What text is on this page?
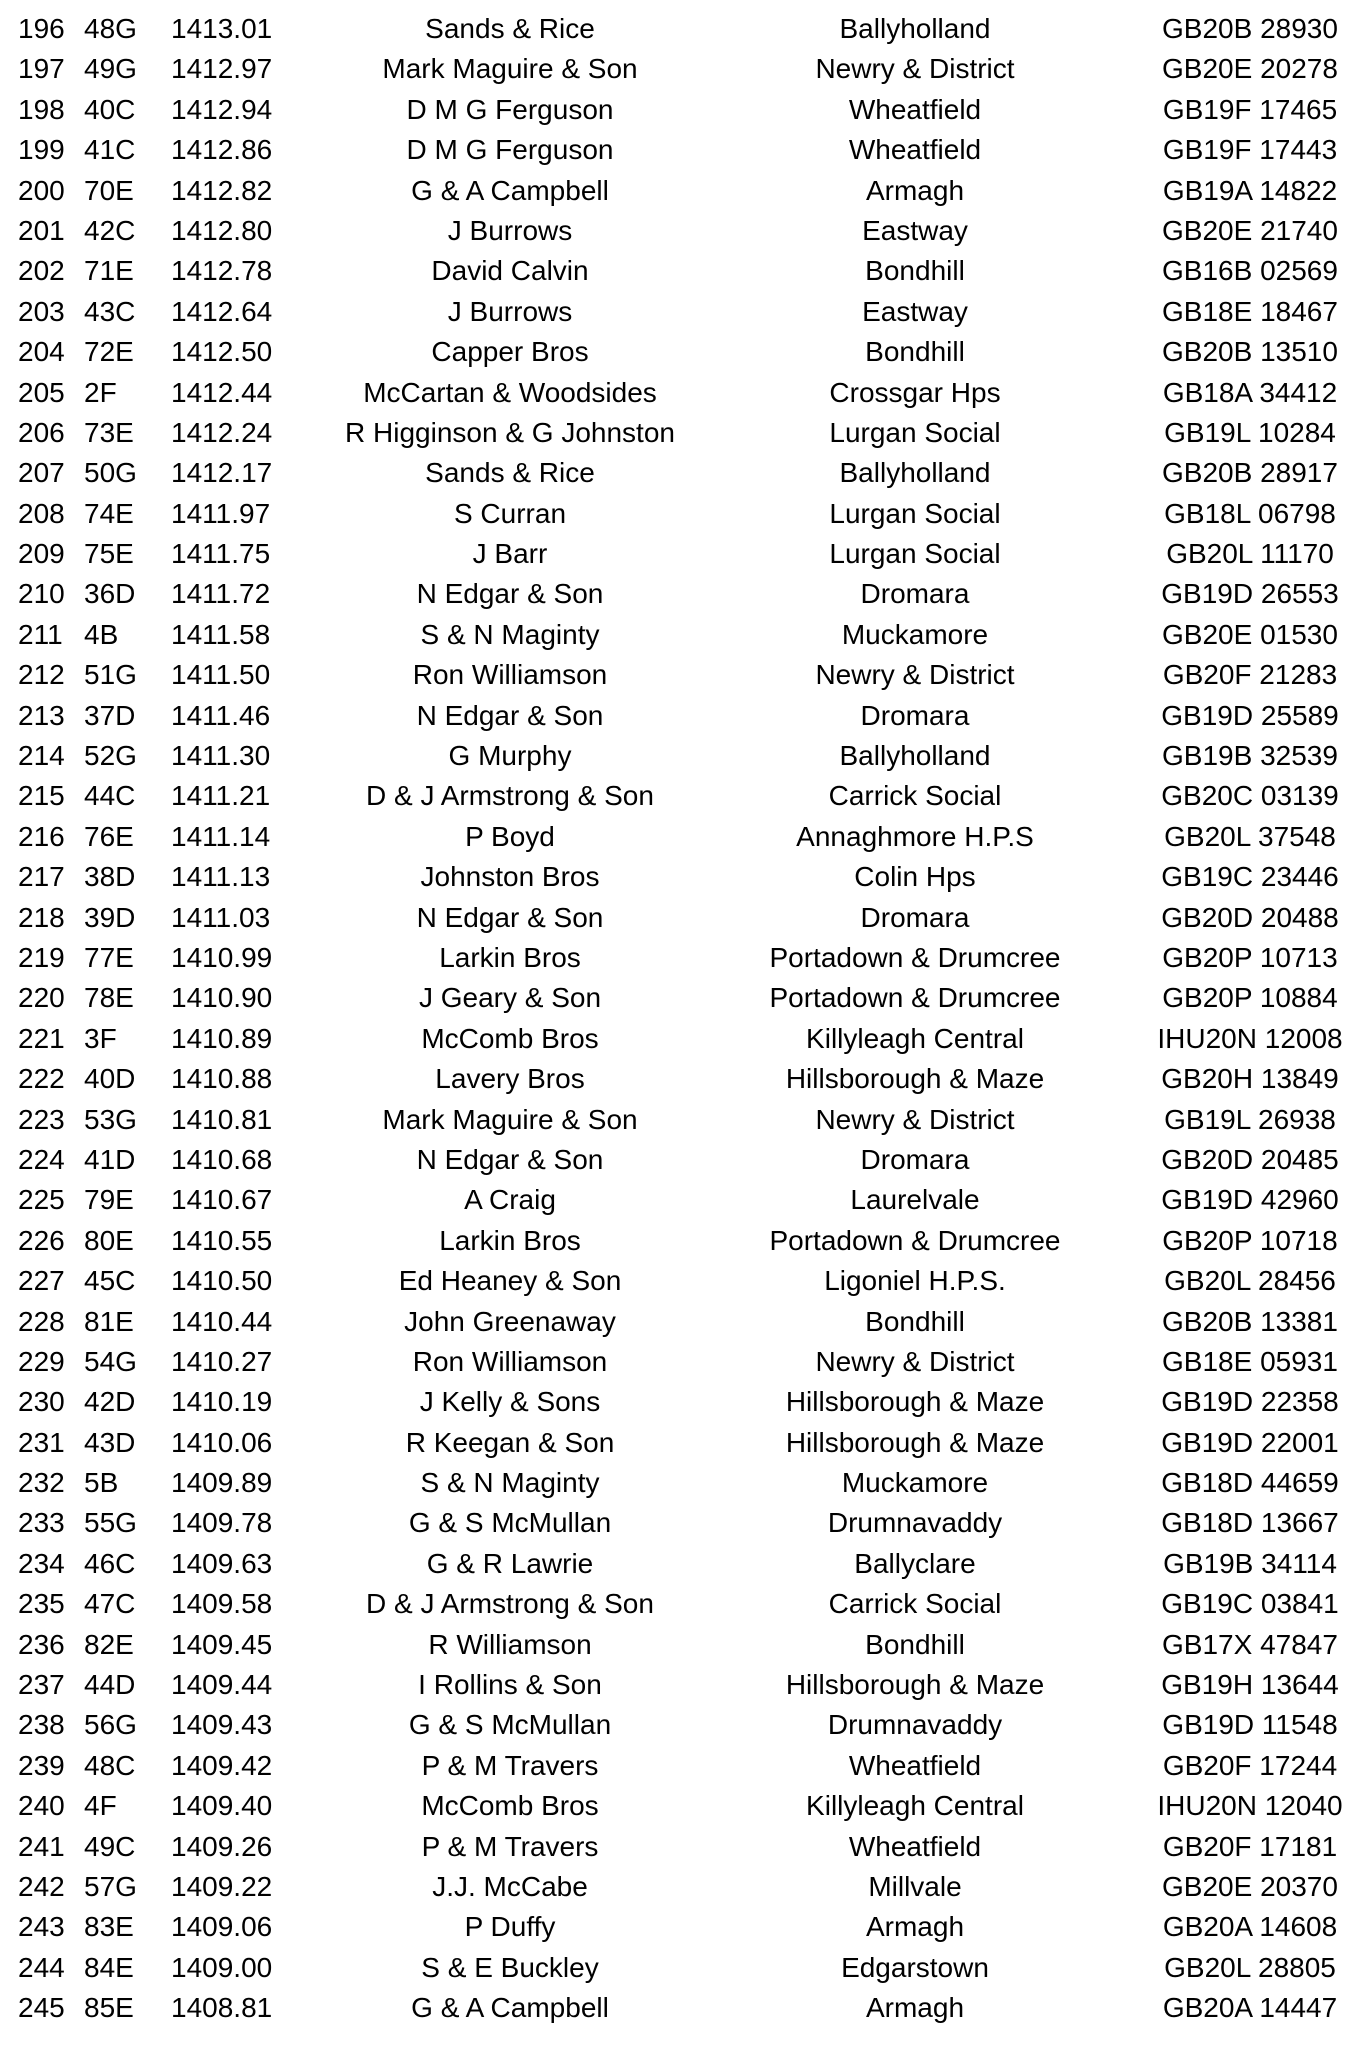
196 48G 1413.01	Sands & Rice	Ballyholland	GB20B 28930
197 49G 1412.97	Mark Maguire & Son	Newry & District	GB20E 20278
198 40C	1412.94	D M G Ferguson	Wheatfield	GB19F 17465
199 41C	1412.86	D M G Ferguson	Wheatfield	GB19F 17443
200 70E	1412.82	G & A Campbell	Armagh	GB19A 14822
201 42C	1412.80	J Burrows	Eastway	GB20E 21740
202 71E	1412.78	David Calvin	Bondhill	GB16B 02569
203 43C	1412.64	J Burrows	Eastway	GB18E 18467
204 72E	1412.50	Capper Bros	Bondhill	GB20B 13510
205 2F	1412.44	McCartan & Woodsides	Crossgar Hps	GB18A 34412
206 73E	1412.24	R Higginson & G Johnston	Lurgan Social	GB19L 10284
207 50G 1412.17	Sands & Rice	Ballyholland	GB20B 28917
208 74E	1411.97	S Curran	Lurgan Social	GB18L 06798
209 75E	1411.75	J Barr	Lurgan Social	GB20L 11170
210 36D	1411.72	N Edgar & Son	Dromara	GB19D 26553
211 4B	1411.58	S & N Maginty	Muckamore	GB20E 01530
212 51G 1411.50	Ron Williamson	Newry & District	GB20F 21283
213 37D	1411.46	N Edgar & Son	Dromara	GB19D 25589
214 52G 1411.30	G Murphy	Ballyholland	GB19B 32539
215 44C	1411.21	D & J Armstrong & Son	Carrick Social	GB20C 03139
216 76E	1411.14	P Boyd	Annaghmore H.P.S	GB20L 37548
217 38D	1411.13	Johnston Bros	Colin Hps	GB19C 23446
218 39D	1411.03	N Edgar & Son	Dromara	GB20D 20488
219 77E	1410.99	Larkin Bros	Portadown & Drumcree	GB20P 10713
220 78E	1410.90	J Geary & Son	Portadown & Drumcree	GB20P 10884
221 3F	1410.89	McComb Bros	Killyleagh Central	IHU20N 12008
222 40D	1410.88	Lavery Bros	Hillsborough & Maze	GB20H 13849
223 53G 1410.81	Mark Maguire & Son	Newry & District	GB19L 26938
224 41D	1410.68	N Edgar & Son	Dromara	GB20D 20485
225 79E	1410.67	A Craig	Laurelvale	GB19D 42960
226 80E	1410.55	Larkin Bros	Portadown & Drumcree	GB20P 10718
227 45C	1410.50	Ed Heaney & Son	Ligoniel H.P.S.	GB20L 28456
228 81E	1410.44	John Greenaway	Bondhill	GB20B 13381
229 54G 1410.27	Ron Williamson	Newry & District	GB18E 05931
230 42D	1410.19	J Kelly & Sons	Hillsborough & Maze	GB19D 22358
231 43D	1410.06	R Keegan & Son	Hillsborough & Maze	GB19D 22001
232 5B	1409.89	S & N Maginty	Muckamore	GB18D 44659
233 55G 1409.78	G & S McMullan	Drumnavaddy	GB18D 13667
234 46C	1409.63	G & R Lawrie	Ballyclare	GB19B 34114
235 47C	1409.58	D & J Armstrong & Son	Carrick Social	GB19C 03841
236 82E	1409.45	R Williamson	Bondhill	GB17X 47847
237 44D	1409.44	I Rollins & Son	Hillsborough & Maze	GB19H 13644
238 56G 1409.43	G & S McMullan	Drumnavaddy	GB19D 11548
239 48C	1409.42	P & M Travers	Wheatfield	GB20F 17244
240 4F	1409.40	McComb Bros	Killyleagh Central	IHU20N 12040
241 49C	1409.26	P & M Travers	Wheatfield	GB20F 17181
242 57G 1409.22	J.J. McCabe	Millvale	GB20E 20370
243 83E	1409.06	P Duffy	Armagh	GB20A 14608
244 84E	1409.00	S & E Buckley	Edgarstown	GB20L 28805
245 85E	1408.81	G & A Campbell	Armagh	GB20A 14447
